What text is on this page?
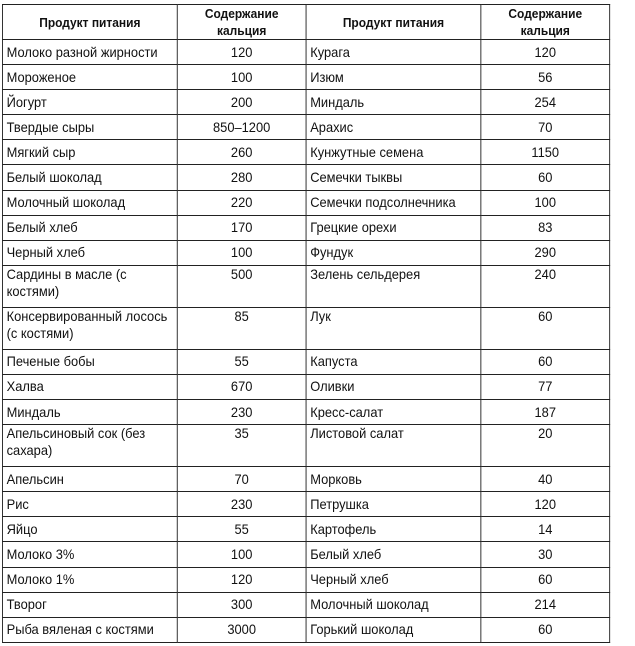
Продукт питания	Содержание кальция	Продукт питания	Содержание кальция
Молоко разной жирности	120	Курага	120
Мороженое	100	Изюм	56
Йогурт	200	Миндаль	254
Твердые сыры	850–1200	Арахис	70
Мягкий сыр	260	Кунжутные семена	1150
Белый шоколад	280	Семечки тыквы	60
Молочный шоколад	220	Семечки подсолнечника	100
Белый хлеб	170	Грецкие орехи	83
Черный хлеб	100	Фундук	290
Сардины в масле (с костями)	500	Зелень сельдерея	240
Консервированный лосось (с костями)	85	Лук	60
Печеные бобы	55	Капуста	60
Халва	670	Оливки	77
Миндаль	230	Кресс-салат	187
Апельсиновый сок (без сахара)	35	Листовой салат	20
Апельсин	70	Морковь	40
Рис	230	Петрушка	120
Яйцо	55	Картофель	14
Молоко 3%	100	Белый хлеб	30
Молоко 1%	120	Черный хлеб	60
Творог	300	Молочный шоколад	214
Рыба вяленая с костями	3000	Горький шоколад	60
